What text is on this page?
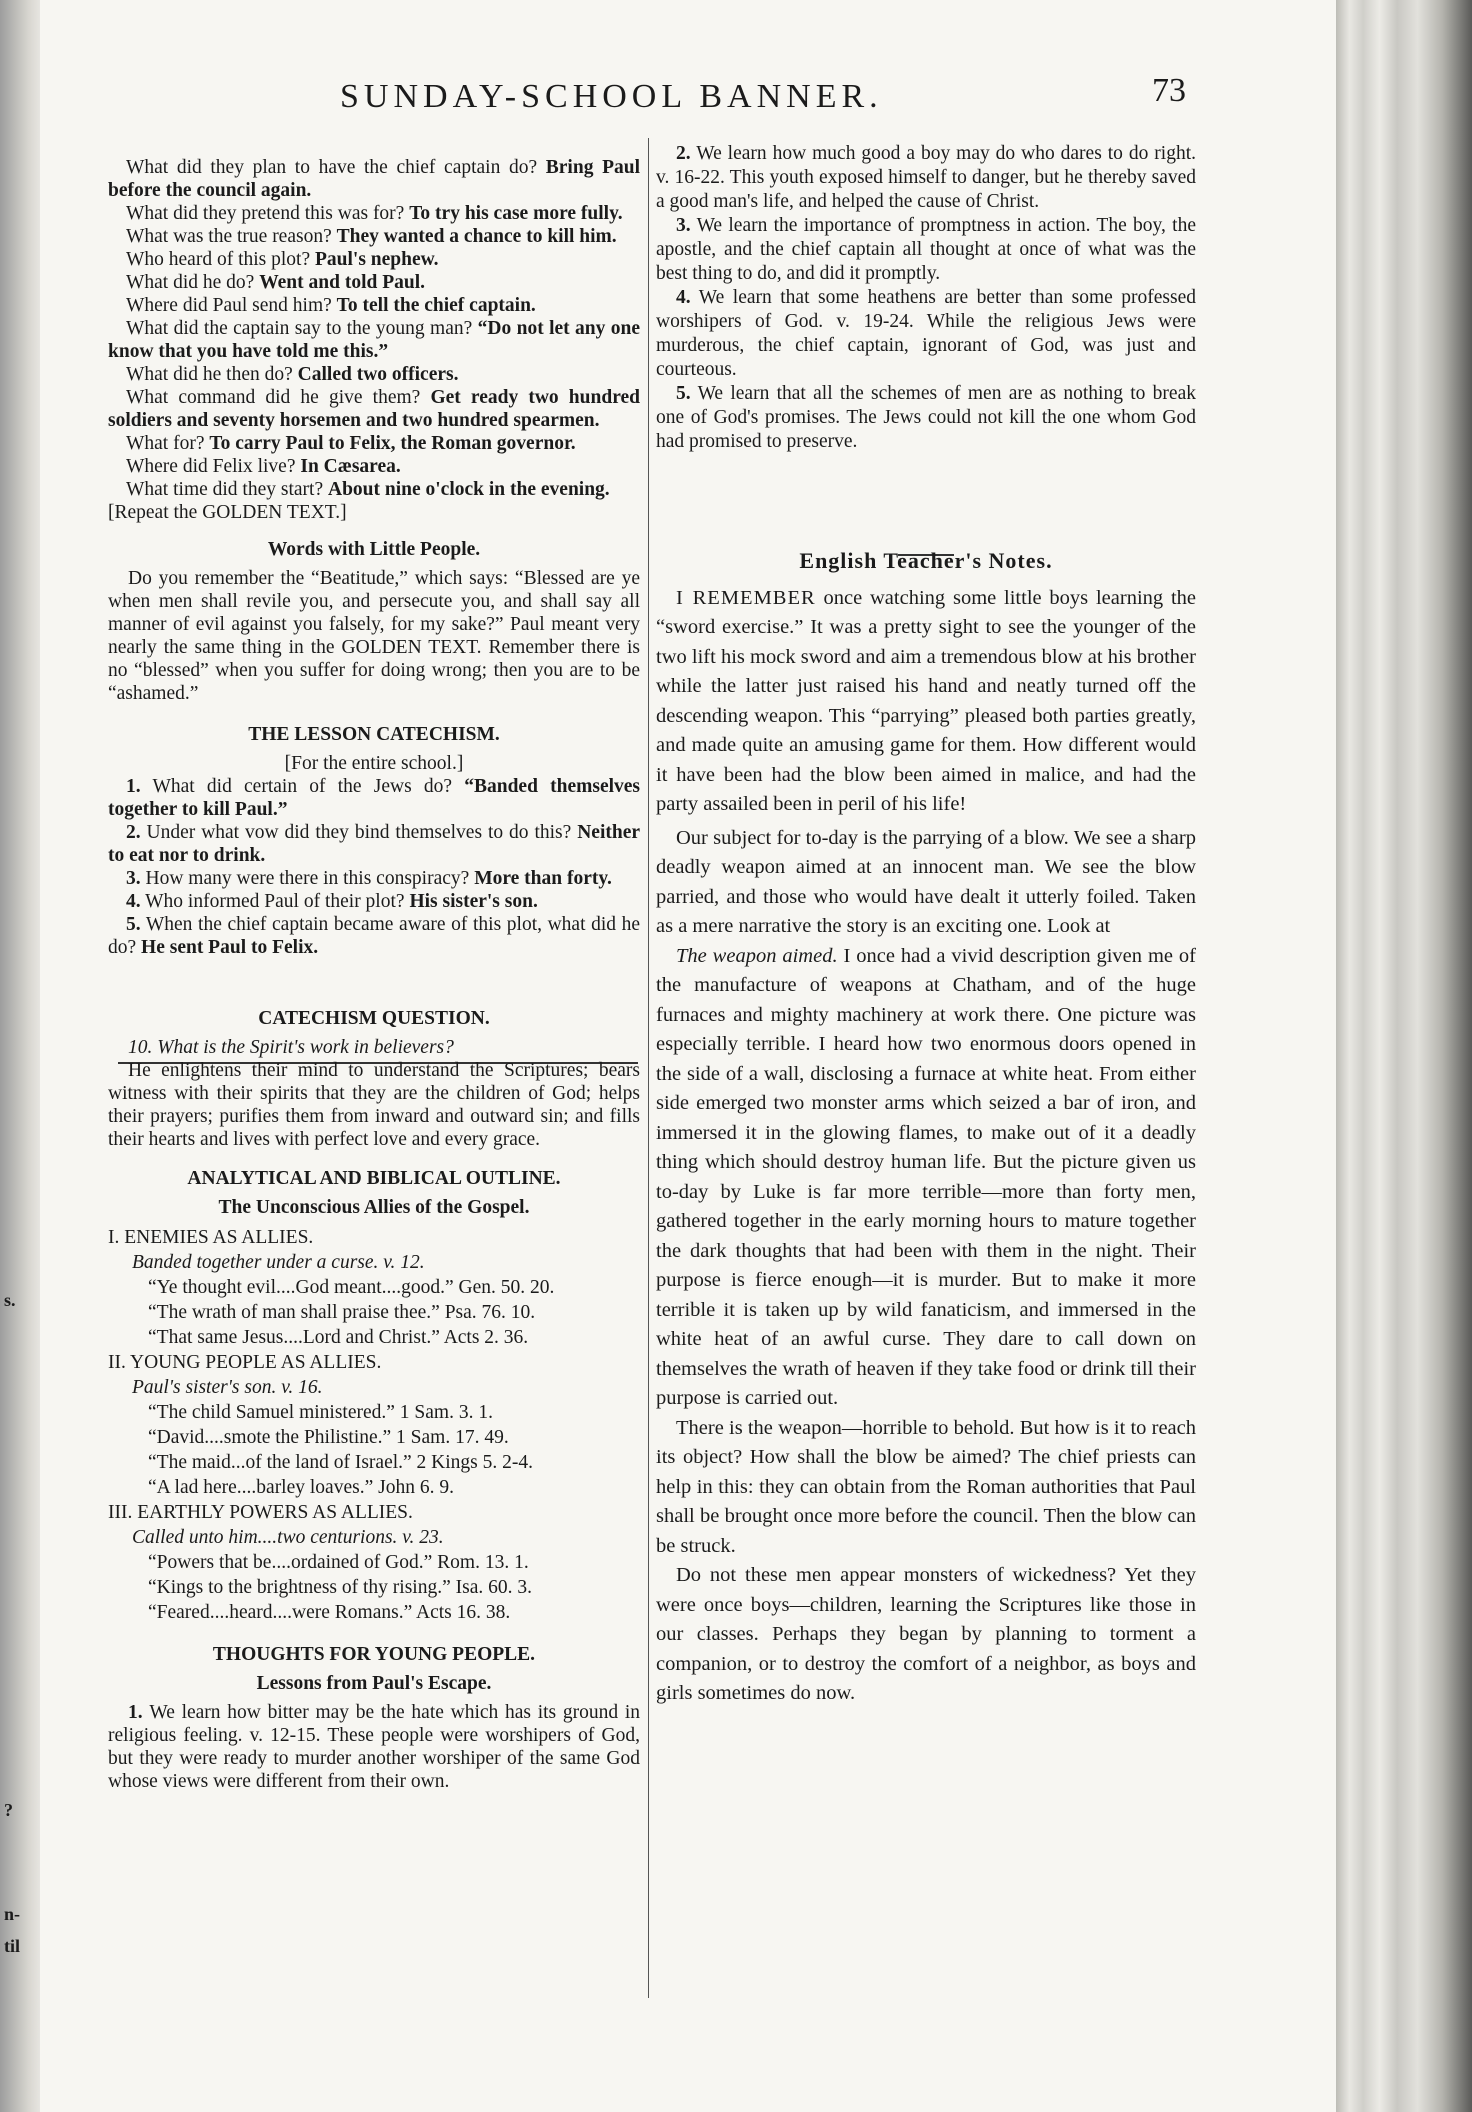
s.
?
n-
til
SUNDAY-SCHOOL BANNER.	73

What did they plan to have the chief captain do? Bring Paul before the council again.

What did they pretend this was for? To try his case more fully.

What was the true reason? They wanted a chance to kill him.

Who heard of this plot? Paul's nephew.

What did he do? Went and told Paul.

Where did Paul send him? To tell the chief captain.

What did the captain say to the young man? “Do not let any one know that you have told me this.”

What did he then do? Called two officers.

What command did he give them? Get ready two hundred soldiers and seventy horsemen and two hundred spearmen.

What for? To carry Paul to Felix, the Roman governor.

Where did Felix live? In Cæsarea.

What time did they start? About nine o'clock in the evening.

[Repeat the GOLDEN TEXT.]

Words with Little People.

Do you remember the “Beatitude,” which says: “Blessed are ye when men shall revile you, and persecute you, and shall say all manner of evil against you falsely, for my sake?” Paul meant very nearly the same thing in the GOLDEN TEXT. Remember there is no “blessed” when you suffer for doing wrong; then you are to be “ashamed.”

THE LESSON CATECHISM.
[For the entire school.]

1. What did certain of the Jews do? “Banded themselves together to kill Paul.”

2. Under what vow did they bind themselves to do this? Neither to eat nor to drink.

3. How many were there in this conspiracy? More than forty.

4. Who informed Paul of their plot? His sister's son.

5. When the chief captain became aware of this plot, what did he do? He sent Paul to Felix.

CATECHISM QUESTION.

10. What is the Spirit's work in believers?

He enlightens their mind to understand the Scriptures; bears witness with their spirits that they are the children of God; helps their prayers; purifies them from inward and outward sin; and fills their hearts and lives with perfect love and every grace.

ANALYTICAL AND BIBLICAL OUTLINE.
The Unconscious Allies of the Gospel.

I. ENEMIES AS ALLIES.

Banded together under a curse. v. 12.

“Ye thought evil....God meant....good.” Gen. 50. 20.

“The wrath of man shall praise thee.” Psa. 76. 10.

“That same Jesus....Lord and Christ.” Acts 2. 36.

II. YOUNG PEOPLE AS ALLIES.

Paul's sister's son. v. 16.

“The child Samuel ministered.” 1 Sam. 3. 1.

“David....smote the Philistine.” 1 Sam. 17. 49.

“The maid...of the land of Israel.” 2 Kings 5. 2-4.

“A lad here....barley loaves.” John 6. 9.

III. EARTHLY POWERS AS ALLIES.

Called unto him....two centurions. v. 23.

“Powers that be....ordained of God.” Rom. 13. 1.

“Kings to the brightness of thy rising.” Isa. 60. 3.

“Feared....heard....were Romans.” Acts 16. 38.

THOUGHTS FOR YOUNG PEOPLE.
Lessons from Paul's Escape.

1. We learn how bitter may be the hate which has its ground in religious feeling. v. 12-15. These people were worshipers of God, but they were ready to murder another worshiper of the same God whose views were different from their own.

2. We learn how much good a boy may do who dares to do right. v. 16-22. This youth exposed himself to danger, but he thereby saved a good man's life, and helped the cause of Christ.

3. We learn the importance of promptness in action. The boy, the apostle, and the chief captain all thought at once of what was the best thing to do, and did it promptly.

4. We learn that some heathens are better than some professed worshipers of God. v. 19-24. While the religious Jews were murderous, the chief captain, ignorant of God, was just and courteous.

5. We learn that all the schemes of men are as nothing to break one of God's promises. The Jews could not kill the one whom God had promised to preserve.

English Teacher's Notes.

I REMEMBER once watching some little boys learning the “sword exercise.” It was a pretty sight to see the younger of the two lift his mock sword and aim a tremendous blow at his brother while the latter just raised his hand and neatly turned off the descending weapon. This “parrying” pleased both parties greatly, and made quite an amusing game for them. How different would it have been had the blow been aimed in malice, and had the party assailed been in peril of his life!

Our subject for to-day is the parrying of a blow. We see a sharp deadly weapon aimed at an innocent man. We see the blow parried, and those who would have dealt it utterly foiled. Taken as a mere narrative the story is an exciting one. Look at

The weapon aimed. I once had a vivid description given me of the manufacture of weapons at Chatham, and of the huge furnaces and mighty machinery at work there. One picture was especially terrible. I heard how two enormous doors opened in the side of a wall, disclosing a furnace at white heat. From either side emerged two monster arms which seized a bar of iron, and immersed it in the glowing flames, to make out of it a deadly thing which should destroy human life. But the picture given us to-day by Luke is far more terrible—more than forty men, gathered together in the early morning hours to mature together the dark thoughts that had been with them in the night. Their purpose is fierce enough—it is murder. But to make it more terrible it is taken up by wild fanaticism, and immersed in the white heat of an awful curse. They dare to call down on themselves the wrath of heaven if they take food or drink till their purpose is carried out.

There is the weapon—horrible to behold. But how is it to reach its object? How shall the blow be aimed? The chief priests can help in this: they can obtain from the Roman authorities that Paul shall be brought once more before the council. Then the blow can be struck.

Do not these men appear monsters of wickedness? Yet they were once boys—children, learning the Scriptures like those in our classes. Perhaps they began by planning to torment a companion, or to destroy the comfort of a neighbor, as boys and girls sometimes do now.
